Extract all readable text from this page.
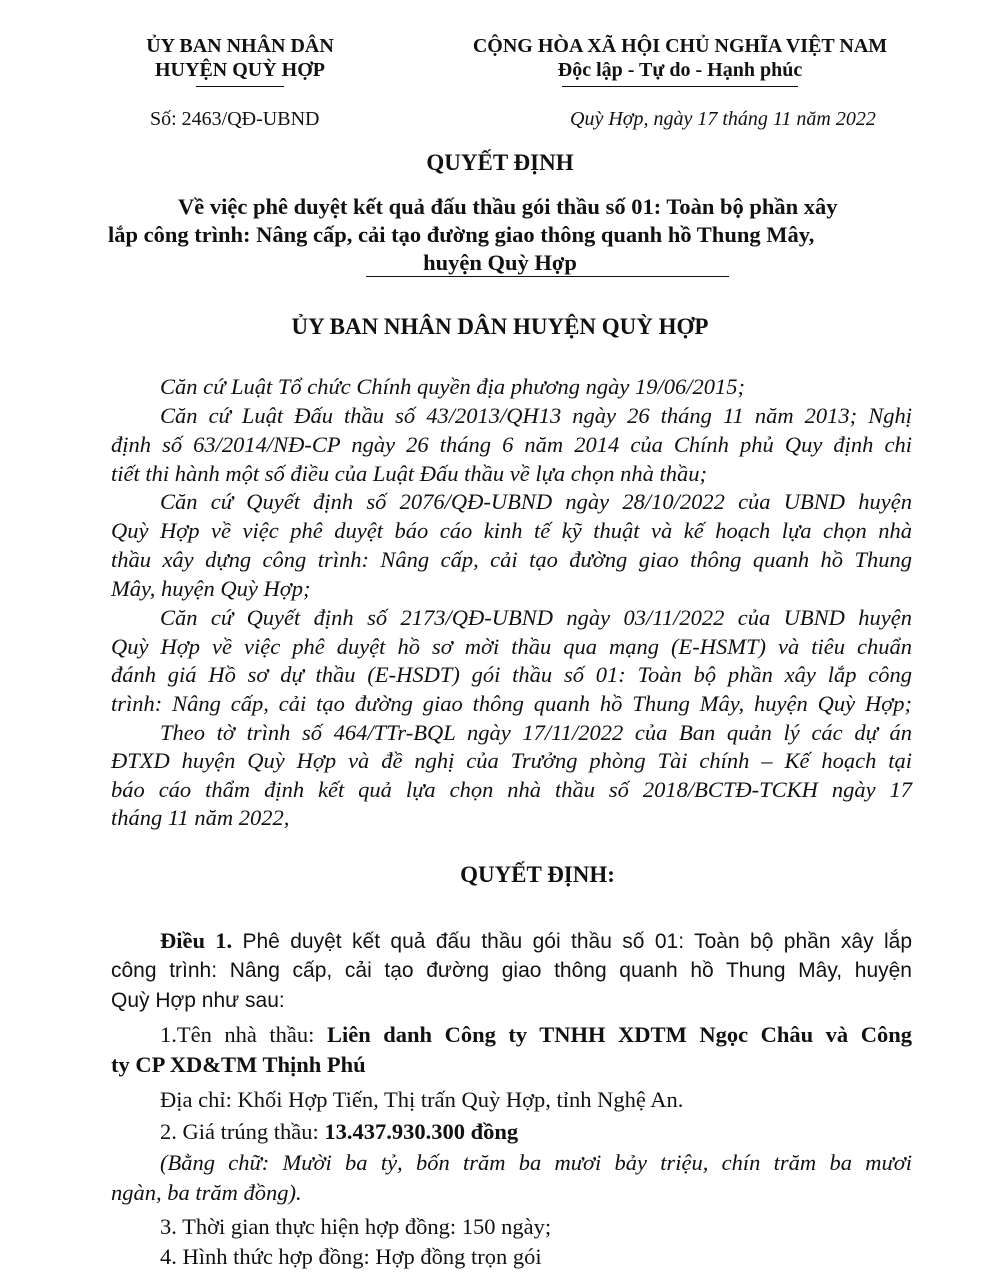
ỦY BAN NHÂN DÂN
HUYỆN QUỲ HỢP
CỘNG HÒA XÃ HỘI CHỦ NGHĨA VIỆT NAM
Độc lập - Tự do - Hạnh phúc
Số: 2463/QĐ-UBND	Quỳ Hợp, ngày 17 tháng 11 năm 2022
QUYẾT ĐỊNH
Về việc phê duyệt kết quả đấu thầu gói thầu số 01: Toàn bộ phần xây
lắp công trình: Nâng cấp, cải tạo đường giao thông quanh hồ Thung Mây,
huyện Quỳ Hợp
ỦY BAN NHÂN DÂN HUYỆN QUỲ HỢP
Căn cứ Luật Tổ chức Chính quyền địa phương ngày 19/06/2015;
Căn cứ Luật Đấu thầu số 43/2013/QH13 ngày 26 tháng 11 năm 2013; Nghị
định số 63/2014/NĐ-CP ngày 26 tháng 6 năm 2014 của Chính phủ Quy định chi
tiết thi hành một số điều của Luật Đấu thầu về lựa chọn nhà thầu;
Căn cứ Quyết định số 2076/QĐ-UBND ngày 28/10/2022 của UBND huyện
Quỳ Hợp về việc phê duyệt báo cáo kinh tế kỹ thuật và kế hoạch lựa chọn nhà
thầu xây dựng công trình: Nâng cấp, cải tạo đường giao thông quanh hồ Thung
Mây, huyện Quỳ Hợp;
Căn cứ Quyết định số 2173/QĐ-UBND ngày 03/11/2022 của UBND huyện
Quỳ Hợp về việc phê duyệt hồ sơ mời thầu qua mạng (E-HSMT) và tiêu chuẩn
đánh giá Hồ sơ dự thầu (E-HSDT) gói thầu số 01: Toàn bộ phần xây lắp công
trình: Nâng cấp, cải tạo đường giao thông quanh hồ Thung Mây, huyện Quỳ Hợp;
Theo tờ trình số 464/TTr-BQL ngày 17/11/2022 của Ban quản lý các dự án
ĐTXD huyện Quỳ Hợp và đề nghị của Trưởng phòng Tài chính – Kế hoạch tại
báo cáo thẩm định kết quả lựa chọn nhà thầu số 2018/BCTĐ-TCKH ngày 17
tháng 11 năm 2022,
QUYẾT ĐỊNH:
Điều 1. Phê duyệt kết quả đấu thầu gói thầu số 01: Toàn bộ phần xây lắp
công trình: Nâng cấp, cải tạo đường giao thông quanh hồ Thung Mây, huyện
Quỳ Hợp như sau:
1.Tên nhà thầu: Liên danh Công ty TNHH XDTM Ngọc Châu và Công
ty CP XD&TM Thịnh Phú
Địa chỉ: Khối Hợp Tiến, Thị trấn Quỳ Hợp, tỉnh Nghệ An.
2. Giá trúng thầu: 13.437.930.300 đồng
(Bằng chữ: Mười ba tỷ, bốn trăm ba mươi bảy triệu, chín trăm ba mươi
ngàn, ba trăm đồng).
3. Thời gian thực hiện hợp đồng: 150 ngày;
4. Hình thức hợp đồng: Hợp đồng trọn gói
